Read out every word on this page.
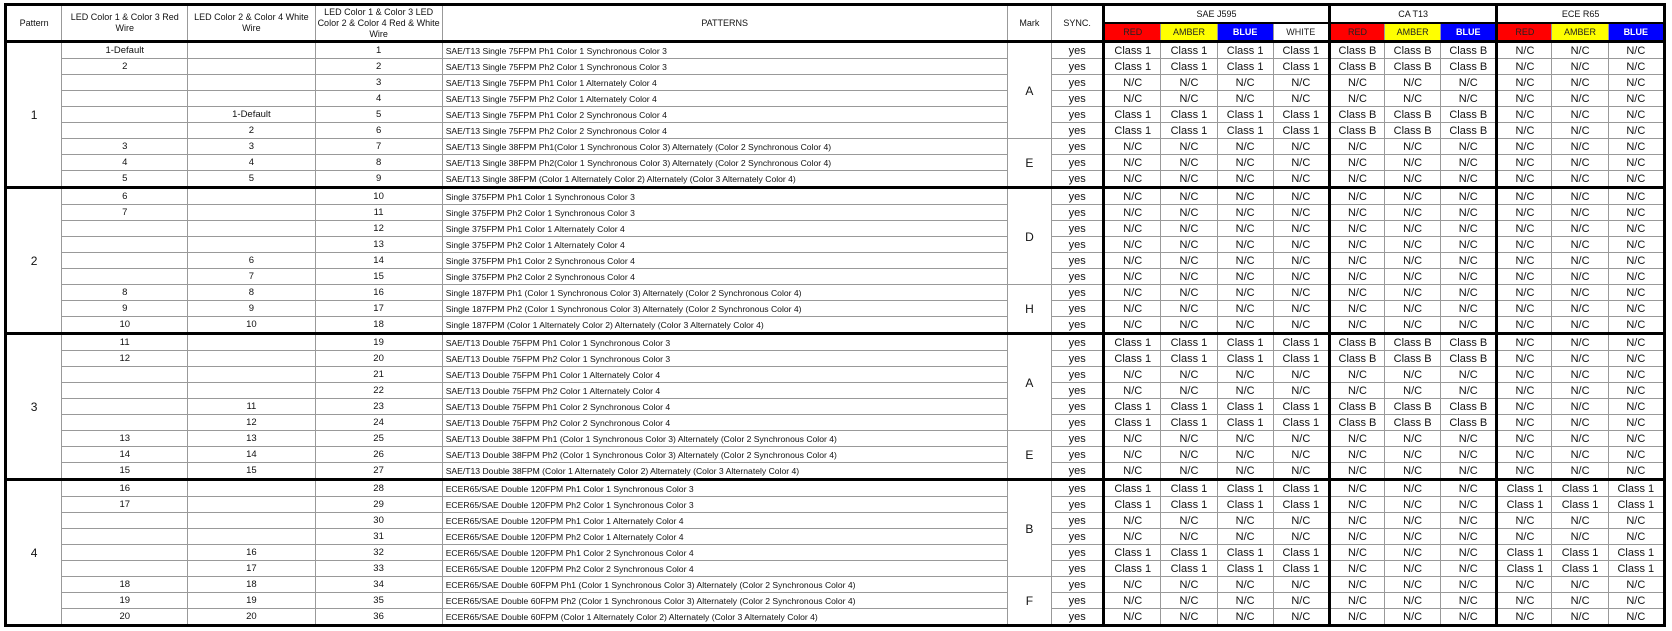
Pattern	LED Color 1 & Color 3 Red Wire	LED Color 2 & Color 4 White Wire	LED Color 1 & Color 3 LED Color 2 & Color 4 Red & White Wire	PATTERNS	Mark	SYNC.	SAE J595				CA T13			ECE R65		
							RED	AMBER	BLUE	WHITE	RED	AMBER	BLUE	RED	AMBER	BLUE
1	1-Default		1	SAE/T13 Single 75FPM Ph1 Color 1 Synchronous Color 3	A	yes	Class 1	Class 1	Class 1	Class 1	Class B	Class B	Class B	N/C	N/C	N/C
	2		2	SAE/T13 Single 75FPM Ph2 Color 1 Synchronous Color 3		yes	Class 1	Class 1	Class 1	Class 1	Class B	Class B	Class B	N/C	N/C	N/C
			3	SAE/T13 Single 75FPM Ph1 Color 1 Alternately Color 4		yes	N/C	N/C	N/C	N/C	N/C	N/C	N/C	N/C	N/C	N/C
			4	SAE/T13 Single 75FPM Ph2 Color 1 Alternately Color 4		yes	N/C	N/C	N/C	N/C	N/C	N/C	N/C	N/C	N/C	N/C
		1-Default	5	SAE/T13 Single 75FPM Ph1 Color 2 Synchronous Color 4		yes	Class 1	Class 1	Class 1	Class 1	Class B	Class B	Class B	N/C	N/C	N/C
		2	6	SAE/T13 Single 75FPM Ph2 Color 2 Synchronous Color 4		yes	Class 1	Class 1	Class 1	Class 1	Class B	Class B	Class B	N/C	N/C	N/C
	3	3	7	SAE/T13 Single 38FPM Ph1(Color 1 Synchronous Color 3) Alternately (Color 2 Synchronous Color 4)	E	yes	N/C	N/C	N/C	N/C	N/C	N/C	N/C	N/C	N/C	N/C
	4	4	8	SAE/T13 Single 38FPM Ph2(Color 1 Synchronous Color 3) Alternately (Color 2 Synchronous Color 4)		yes	N/C	N/C	N/C	N/C	N/C	N/C	N/C	N/C	N/C	N/C
	5	5	9	SAE/T13 Single 38FPM (Color 1 Alternately Color 2) Alternately (Color 3 Alternately Color 4)		yes	N/C	N/C	N/C	N/C	N/C	N/C	N/C	N/C	N/C	N/C
2	6		10	Single 375FPM Ph1 Color 1 Synchronous Color 3	D	yes	N/C	N/C	N/C	N/C	N/C	N/C	N/C	N/C	N/C	N/C
	7		11	Single 375FPM Ph2 Color 1 Synchronous Color 3		yes	N/C	N/C	N/C	N/C	N/C	N/C	N/C	N/C	N/C	N/C
			12	Single 375FPM Ph1 Color 1 Alternately Color 4		yes	N/C	N/C	N/C	N/C	N/C	N/C	N/C	N/C	N/C	N/C
			13	Single 375FPM Ph2 Color 1 Alternately Color 4		yes	N/C	N/C	N/C	N/C	N/C	N/C	N/C	N/C	N/C	N/C
		6	14	Single 375FPM Ph1 Color 2 Synchronous Color 4		yes	N/C	N/C	N/C	N/C	N/C	N/C	N/C	N/C	N/C	N/C
		7	15	Single 375FPM Ph2 Color 2 Synchronous Color 4		yes	N/C	N/C	N/C	N/C	N/C	N/C	N/C	N/C	N/C	N/C
	8	8	16	Single 187FPM Ph1 (Color 1 Synchronous Color 3) Alternately (Color 2 Synchronous Color 4)	H	yes	N/C	N/C	N/C	N/C	N/C	N/C	N/C	N/C	N/C	N/C
	9	9	17	Single 187FPM Ph2 (Color 1 Synchronous Color 3) Alternately (Color 2 Synchronous Color 4)		yes	N/C	N/C	N/C	N/C	N/C	N/C	N/C	N/C	N/C	N/C
	10	10	18	Single 187FPM (Color 1 Alternately Color 2) Alternately (Color 3 Alternately Color 4)		yes	N/C	N/C	N/C	N/C	N/C	N/C	N/C	N/C	N/C	N/C
3	11		19	SAE/T13 Double 75FPM Ph1 Color 1 Synchronous Color 3	A	yes	Class 1	Class 1	Class 1	Class 1	Class B	Class B	Class B	N/C	N/C	N/C
	12		20	SAE/T13 Double 75FPM Ph2 Color 1 Synchronous Color 3		yes	Class 1	Class 1	Class 1	Class 1	Class B	Class B	Class B	N/C	N/C	N/C
			21	SAE/T13 Double 75FPM Ph1 Color 1 Alternately Color 4		yes	N/C	N/C	N/C	N/C	N/C	N/C	N/C	N/C	N/C	N/C
			22	SAE/T13 Double 75FPM Ph2 Color 1 Alternately Color 4		yes	N/C	N/C	N/C	N/C	N/C	N/C	N/C	N/C	N/C	N/C
		11	23	SAE/T13 Double 75FPM Ph1 Color 2 Synchronous Color 4		yes	Class 1	Class 1	Class 1	Class 1	Class B	Class B	Class B	N/C	N/C	N/C
		12	24	SAE/T13 Double 75FPM Ph2 Color 2 Synchronous Color 4		yes	Class 1	Class 1	Class 1	Class 1	Class B	Class B	Class B	N/C	N/C	N/C
	13	13	25	SAE/T13 Double 38FPM Ph1 (Color 1 Synchronous Color 3) Alternately (Color 2 Synchronous Color 4)	E	yes	N/C	N/C	N/C	N/C	N/C	N/C	N/C	N/C	N/C	N/C
	14	14	26	SAE/T13 Double 38FPM Ph2 (Color 1 Synchronous Color 3) Alternately (Color 2 Synchronous Color 4)		yes	N/C	N/C	N/C	N/C	N/C	N/C	N/C	N/C	N/C	N/C
	15	15	27	SAE/T13 Double 38FPM (Color 1 Alternately Color 2) Alternately (Color 3 Alternately Color 4)		yes	N/C	N/C	N/C	N/C	N/C	N/C	N/C	N/C	N/C	N/C
4	16		28	ECER65/SAE Double 120FPM Ph1 Color 1 Synchronous Color 3	B	yes	Class 1	Class 1	Class 1	Class 1	N/C	N/C	N/C	Class 1	Class 1	Class 1
	17		29	ECER65/SAE Double 120FPM Ph2 Color 1 Synchronous Color 3		yes	Class 1	Class 1	Class 1	Class 1	N/C	N/C	N/C	Class 1	Class 1	Class 1
			30	ECER65/SAE Double 120FPM Ph1 Color 1 Alternately Color 4		yes	N/C	N/C	N/C	N/C	N/C	N/C	N/C	N/C	N/C	N/C
			31	ECER65/SAE Double 120FPM Ph2 Color 1 Alternately Color 4		yes	N/C	N/C	N/C	N/C	N/C	N/C	N/C	N/C	N/C	N/C
		16	32	ECER65/SAE Double 120FPM Ph1 Color 2 Synchronous Color 4		yes	Class 1	Class 1	Class 1	Class 1	N/C	N/C	N/C	Class 1	Class 1	Class 1
		17	33	ECER65/SAE Double 120FPM Ph2 Color 2 Synchronous Color 4		yes	Class 1	Class 1	Class 1	Class 1	N/C	N/C	N/C	Class 1	Class 1	Class 1
	18	18	34	ECER65/SAE Double 60FPM Ph1 (Color 1 Synchronous Color 3) Alternately (Color 2 Synchronous Color 4)	F	yes	N/C	N/C	N/C	N/C	N/C	N/C	N/C	N/C	N/C	N/C
	19	19	35	ECER65/SAE Double 60FPM Ph2 (Color 1 Synchronous Color 3) Alternately (Color 2 Synchronous Color 4)		yes	N/C	N/C	N/C	N/C	N/C	N/C	N/C	N/C	N/C	N/C
	20	20	36	ECER65/SAE Double 60FPM (Color 1 Alternately Color 2) Alternately (Color 3 Alternately Color 4)		yes	N/C	N/C	N/C	N/C	N/C	N/C	N/C	N/C	N/C	N/C
